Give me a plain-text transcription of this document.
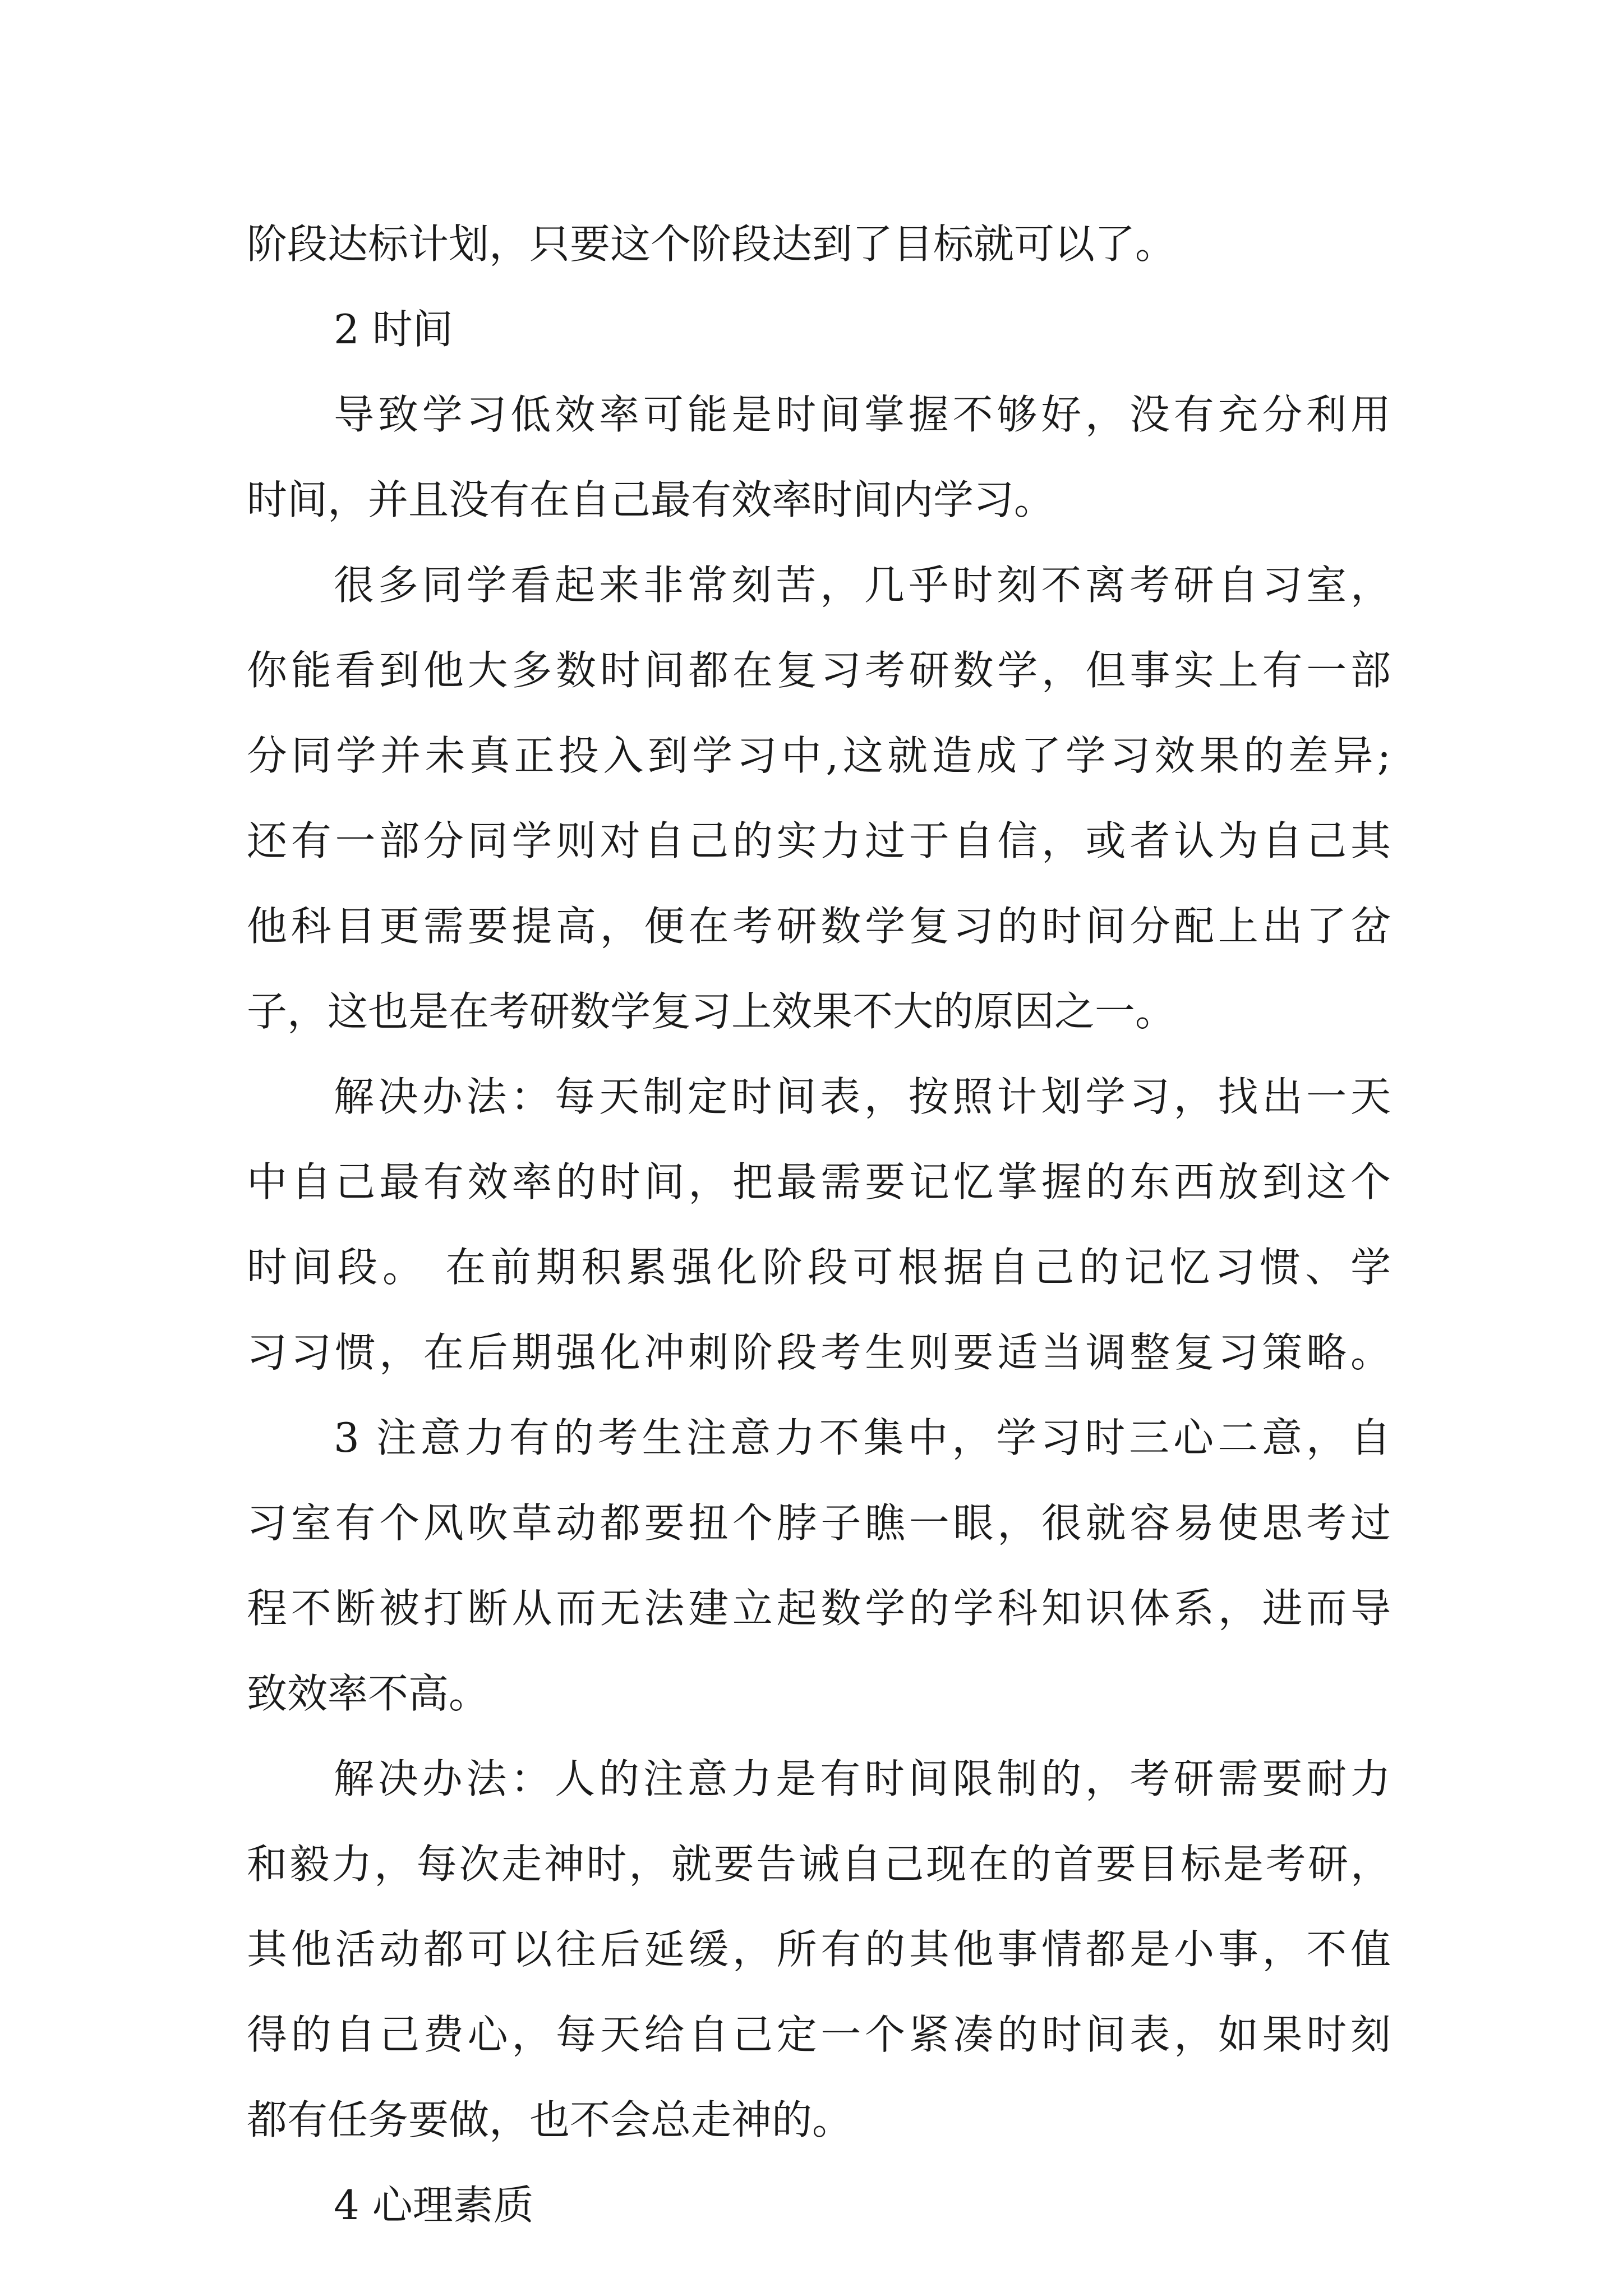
阶段达标计划，只要这个阶段达到了目标就可以了。

2 时间

导致学习低效率可能是时间掌握不够好，没有充分利用

时间，并且没有在自己最有效率时间内学习。

很多同学看起来非常刻苦，几乎时刻不离考研自习室，

你能看到他大多数时间都在复习考研数学，但事实上有一部

分同学并未真正投入到学习中,这就造成了学习效果的差异;

还有一部分同学则对自己的实力过于自信，或者认为自己其

他科目更需要提高，便在考研数学复习的时间分配上出了岔

子，这也是在考研数学复习上效果不大的原因之一。

解决办法：每天制定时间表，按照计划学习，找出一天

中自己最有效率的时间，把最需要记忆掌握的东西放到这个

时间段。 在前期积累强化阶段可根据自己的记忆习惯、学

习习惯，在后期强化冲刺阶段考生则要适当调整复习策略。

3 注意力有的考生注意力不集中，学习时三心二意，自

习室有个风吹草动都要扭个脖子瞧一眼，很就容易使思考过

程不断被打断从而无法建立起数学的学科知识体系，进而导

致效率不高。

解决办法：人的注意力是有时间限制的，考研需要耐力

和毅力，每次走神时，就要告诫自己现在的首要目标是考研，

其他活动都可以往后延缓，所有的其他事情都是小事，不值

得的自己费心，每天给自己定一个紧凑的时间表，如果时刻

都有任务要做，也不会总走神的。

4 心理素质
